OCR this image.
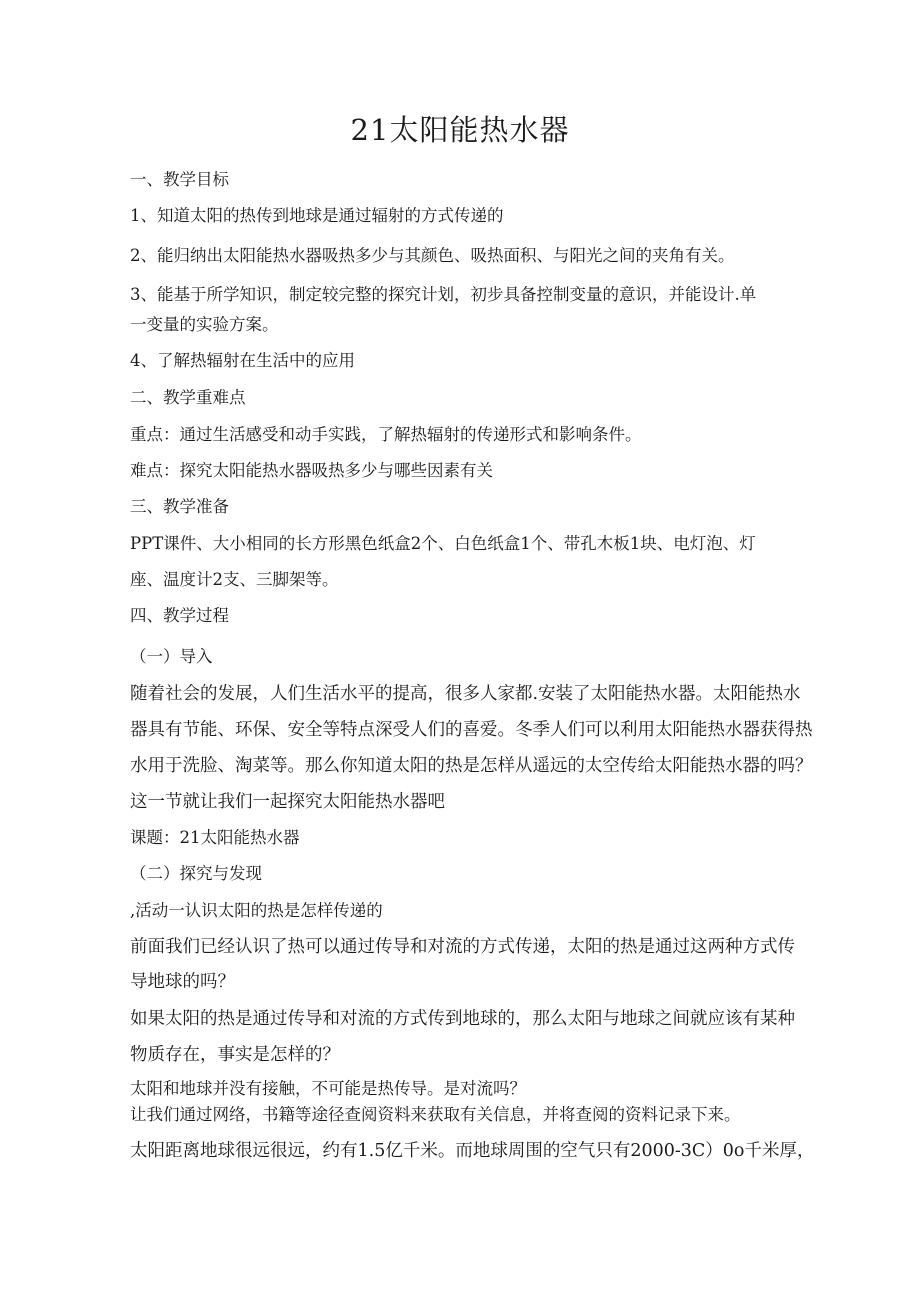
21太阳能热水器
一、教学目标
1、知道太阳的热传到地球是通过辐射的方式传递的
2、能归纳出太阳能热水器吸热多少与其颜色、吸热面积、与阳光之间的夹角有关。
3、能基于所学知识，制定较完整的探究计划，初步具备控制变量的意识，并能设计.单
一变量的实验方案。
4、了解热辐射在生活中的应用
二、教学重难点
重点：通过生活感受和动手实践，了解热辐射的传递形式和影响条件。
难点：探究太阳能热水器吸热多少与哪些因素有关
三、教学准备
PPT课件、大小相同的长方形黑色纸盒2个、白色纸盒1个、带孔木板1块、电灯泡、灯
座、温度计2支、三脚架等。
四、教学过程
（一）导入
随着社会的发展，人们生活水平的提高，很多人家都.安装了太阳能热水器。太阳能热水
器具有节能、环保、安全等特点深受人们的喜爱。冬季人们可以利用太阳能热水器获得热
水用于洗脸、淘菜等。那么你知道太阳的热是怎样从遥远的太空传给太阳能热水器的吗？
这一节就让我们一起探究太阳能热水器吧
课题：21太阳能热水器
（二）探究与发现
,活动一认识太阳的热是怎样传递的
前面我们已经认识了热可以通过传导和对流的方式传递，太阳的热是通过这两种方式传
导地球的吗？
如果太阳的热是通过传导和对流的方式传到地球的，那么太阳与地球之间就应该有某种
物质存在，事实是怎样的？
太阳和地球并没有接触，不可能是热传导。是对流吗？
让我们通过网络，书籍等途径查阅资料来获取有关信息，并将查阅的资料记录下来。
太阳距离地球很远很远，约有1.5亿千米。而地球周围的空气只有2000-3C）0o千米厚，
